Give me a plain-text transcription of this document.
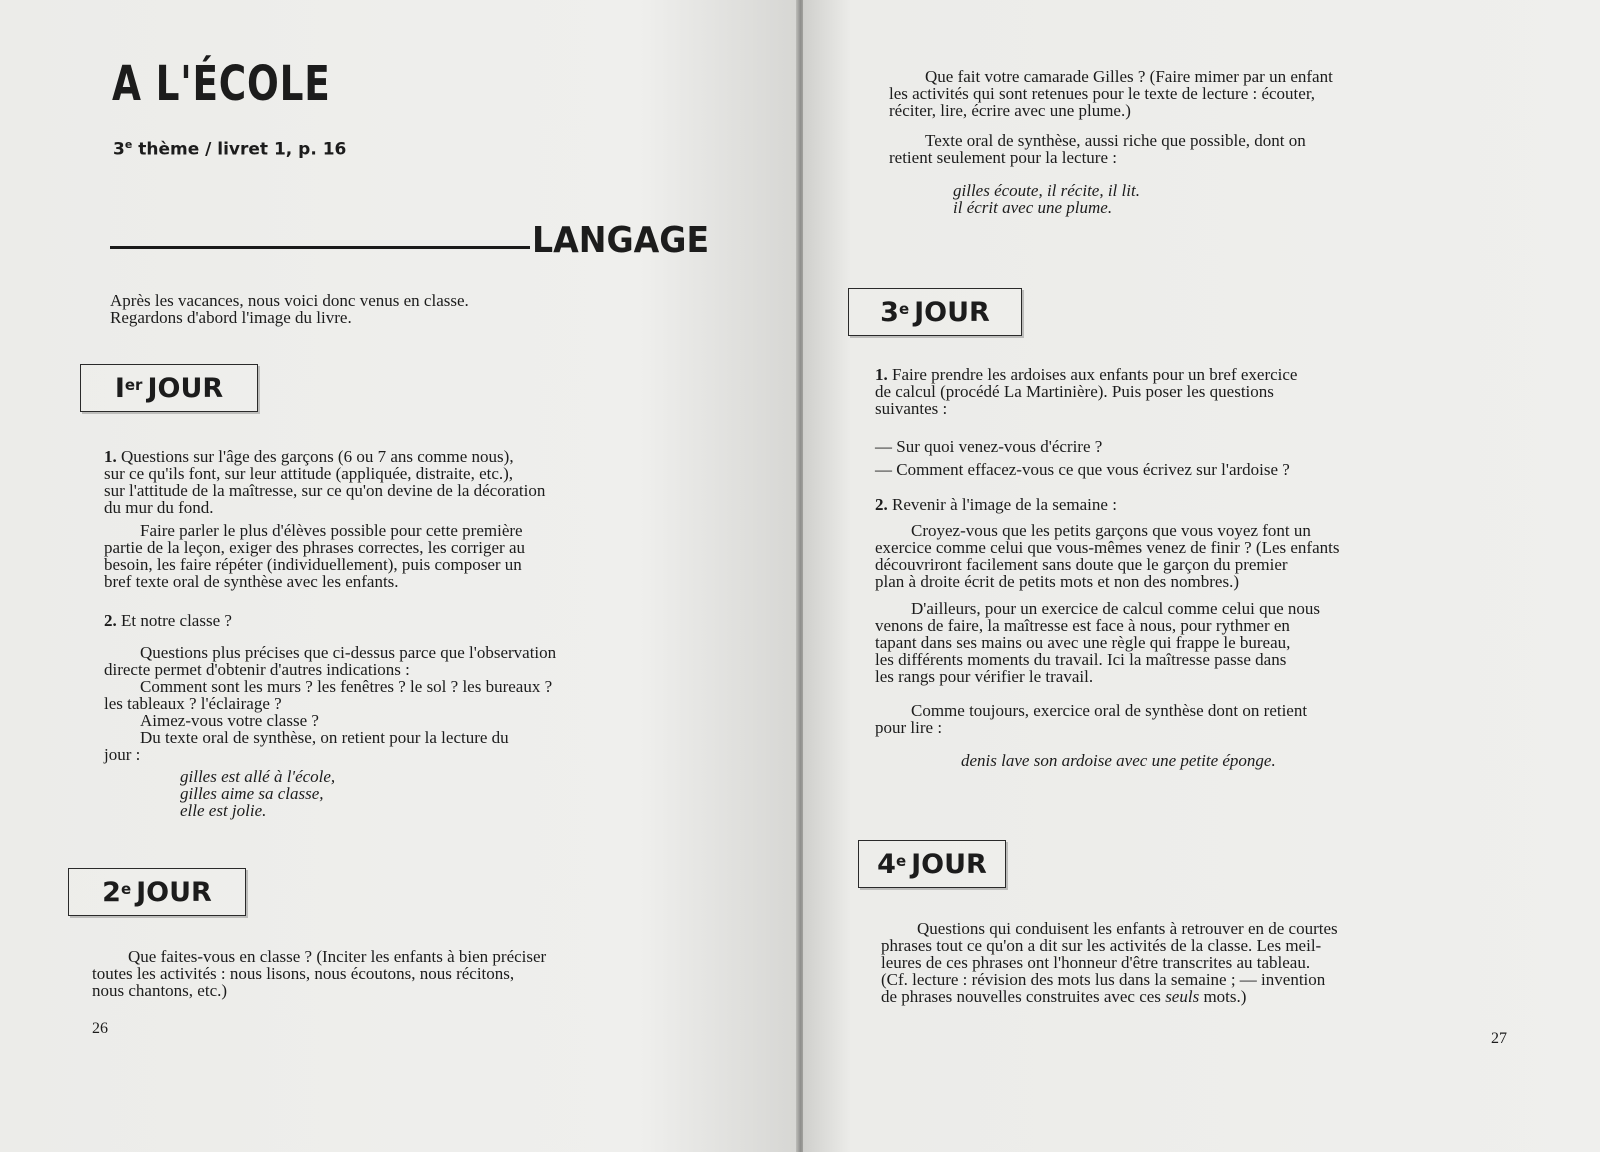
A L'ÉCOLE
3e thème / livret 1, p. 16
LANGAGE
Après les vacances, nous voici donc venus en classe.
Regardons d'abord l'image du livre.
Ier JOUR
1. Questions sur l'âge des garçons (6 ou 7 ans comme nous),
sur ce qu'ils font, sur leur attitude (appliquée, distraite, etc.),
sur l'attitude de la maîtresse, sur ce qu'on devine de la décoration
du mur du fond.
Faire parler le plus d'élèves possible pour cette première
partie de la leçon, exiger des phrases correctes, les corriger au
besoin, les faire répéter (individuellement), puis composer un
bref texte oral de synthèse avec les enfants.
2. Et notre classe ?
Questions plus précises que ci-dessus parce que l'observation
directe permet d'obtenir d'autres indications :
Comment sont les murs ? les fenêtres ? le sol ? les bureaux ?
les tableaux ? l'éclairage ?
Aimez-vous votre classe ?
Du texte oral de synthèse, on retient pour la lecture du
jour :
gilles est allé à l'école,
gilles aime sa classe,
elle est jolie.
2e JOUR
Que faites-vous en classe ? (Inciter les enfants à bien préciser
toutes les activités : nous lisons, nous écoutons, nous récitons,
nous chantons, etc.)
26
Que fait votre camarade Gilles ? (Faire mimer par un enfant
les activités qui sont retenues pour le texte de lecture : écouter,
réciter, lire, écrire avec une plume.)
Texte oral de synthèse, aussi riche que possible, dont on
retient seulement pour la lecture :
gilles écoute, il récite, il lit.
il écrit avec une plume.
3e JOUR
1. Faire prendre les ardoises aux enfants pour un bref exercice
de calcul (procédé La Martinière). Puis poser les questions
suivantes :
— Sur quoi venez-vous d'écrire ?
— Comment effacez-vous ce que vous écrivez sur l'ardoise ?
2. Revenir à l'image de la semaine :
Croyez-vous que les petits garçons que vous voyez font un
exercice comme celui que vous-mêmes venez de finir ? (Les enfants
découvriront facilement sans doute que le garçon du premier
plan à droite écrit de petits mots et non des nombres.)
D'ailleurs, pour un exercice de calcul comme celui que nous
venons de faire, la maîtresse est face à nous, pour rythmer en
tapant dans ses mains ou avec une règle qui frappe le bureau,
les différents moments du travail. Ici la maîtresse passe dans
les rangs pour vérifier le travail.
Comme toujours, exercice oral de synthèse dont on retient
pour lire :
denis lave son ardoise avec une petite éponge.
4e JOUR
Questions qui conduisent les enfants à retrouver en de courtes
phrases tout ce qu'on a dit sur les activités de la classe. Les meil-
leures de ces phrases ont l'honneur d'être transcrites au tableau.
(Cf. lecture : révision des mots lus dans la semaine ; — invention
de phrases nouvelles construites avec ces seuls mots.)
27
